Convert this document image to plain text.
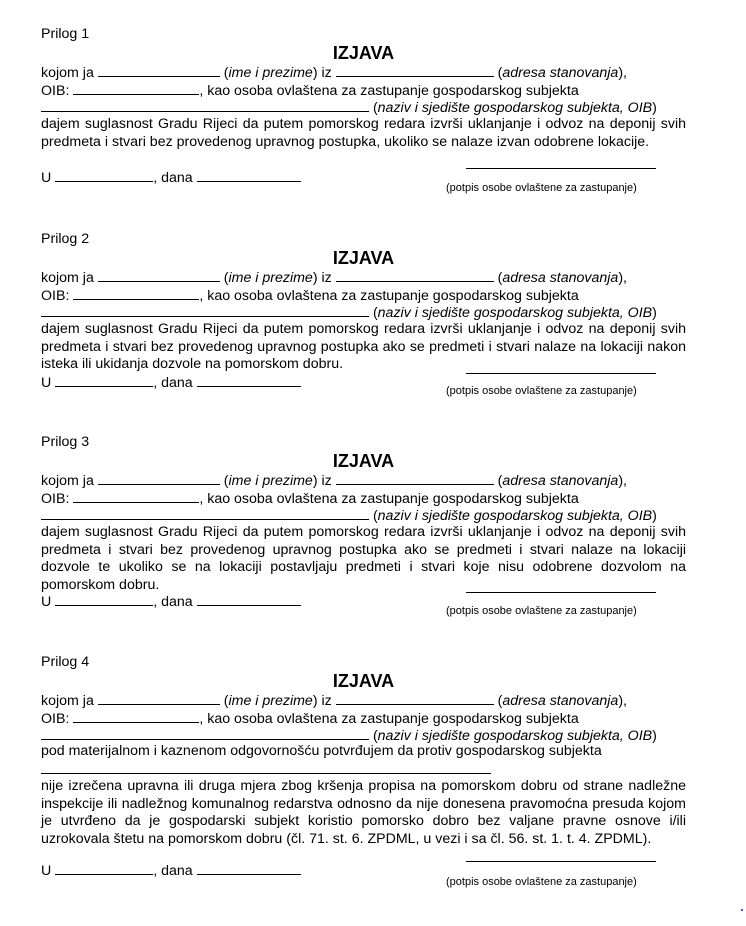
Prilog 1
IZJAVA
kojom ja	(ime i prezime) iz	(adresa stanovanja),
OIB:	, kao osoba ovlaštena za zastupanje gospodarskog subjekta
(naziv i sjedište gospodarskog subjekta, OIB)
dajem suglasnost Gradu Rijeci da putem pomorskog redara izvrši uklanjanje i odvoz na deponij svih predmeta i stvari bez provedenog upravnog postupka, ukoliko se nalaze izvan odobrene lokacije.
U	, dana
(potpis osobe ovlaštene za zastupanje)
Prilog 2
IZJAVA
kojom ja	(ime i prezime) iz	(adresa stanovanja),
OIB:	, kao osoba ovlaštena za zastupanje gospodarskog subjekta
(naziv i sjedište gospodarskog subjekta, OIB)
dajem suglasnost Gradu Rijeci da putem pomorskog redara izvrši uklanjanje i odvoz na deponij svih predmeta i stvari bez provedenog upravnog postupka ako se predmeti i stvari nalaze na lokaciji nakon isteka ili ukidanja dozvole na pomorskom dobru.
U	, dana	(potpis osobe ovlaštene za zastupanje)
Prilog 3
IZJAVA
kojom ja	(ime i prezime) iz	(adresa stanovanja),
OIB:	, kao osoba ovlaštena za zastupanje gospodarskog subjekta
(naziv i sjedište gospodarskog subjekta, OIB)
dajem suglasnost Gradu Rijeci da putem pomorskog redara izvrši uklanjanje i odvoz na deponij svih predmeta i stvari bez provedenog upravnog postupka ako se predmeti i stvari nalaze na lokaciji dozvole te ukoliko se na lokaciji postavljaju predmeti i stvari koje nisu odobrene dozvolom na pomorskom dobru.
U	, dana
(potpis osobe ovlaštene za zastupanje)
Prilog 4
IZJAVA
kojom ja	(ime i prezime) iz	(adresa stanovanja),
OIB:	, kao osoba ovlaštena za zastupanje gospodarskog subjekta
(naziv i sjedište gospodarskog subjekta, OIB)
pod materijalnom i kaznenom odgovornošću potvrđujem da protiv gospodarskog subjekta
nije izrečena upravna ili druga mjera zbog kršenja propisa na pomorskom dobru od strane nadležne inspekcije ili nadležnog komunalnog redarstva odnosno da nije donesena pravomoćna presuda kojom je utvrđeno da je gospodarski subjekt koristio pomorsko dobro bez valjane pravne osnove i/ili uzrokovala štetu na pomorskom dobru (čl. 71. st. 6. ZPDML, u vezi i sa čl. 56. st. 1. t. 4. ZPDML).
U	, dana
(potpis osobe ovlaštene za zastupanje)
